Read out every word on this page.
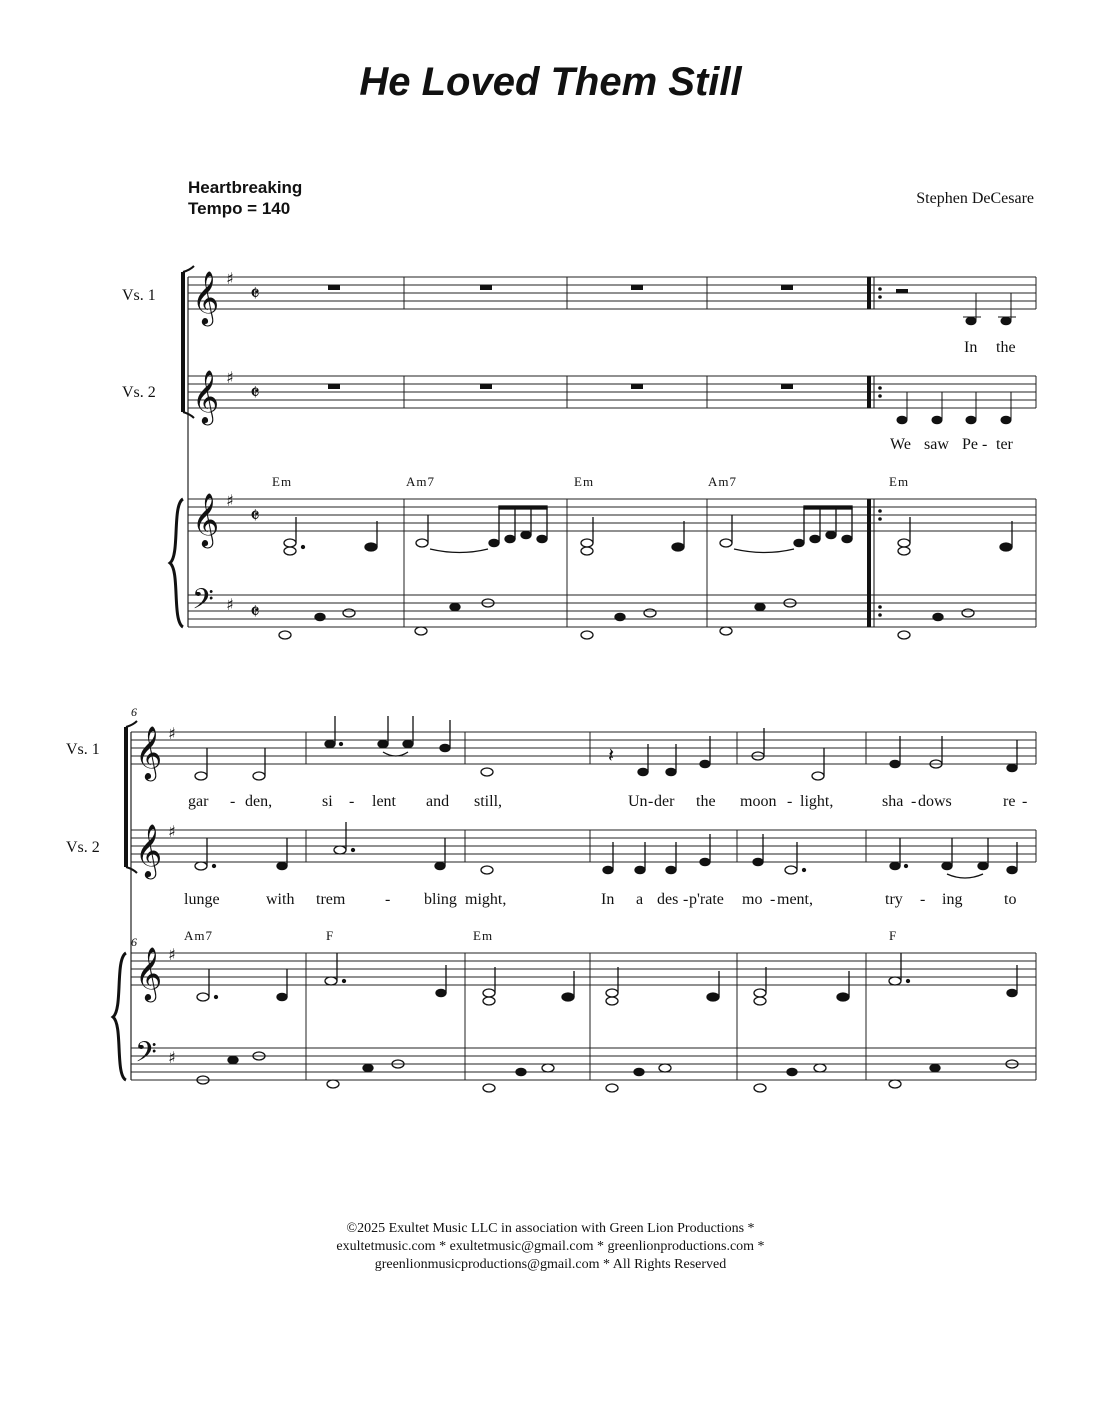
He Loved Them Still
Heartbreaking
Tempo = 140
Stephen DeCesare
Vs. 1
Vs. 2
𝄞
𝄞
𝄞
𝄢
♯
♯
♯
♯
𝄵
𝄵
𝄵
𝄵
In the
We saw Pe - ter
Em	Am7	Em	Am7	Em
6
6
Vs. 1
Vs. 2
𝄞
𝄞
𝄞
𝄢
♯
♯
♯
♯
𝄽
gar - den,	si - lent and still,	Un - der the moon - light,	sha - dows	re -
lunge	with trem - bling might,	In a des - p'rate mo - ment,	try - ing	to
Am7	F	Em	F
©2025 Exultet Music LLC in association with Green Lion Productions *
exultetmusic.com * exultetmusic@gmail.com * greenlionproductions.com *
greenlionmusicproductions@gmail.com * All Rights Reserved
